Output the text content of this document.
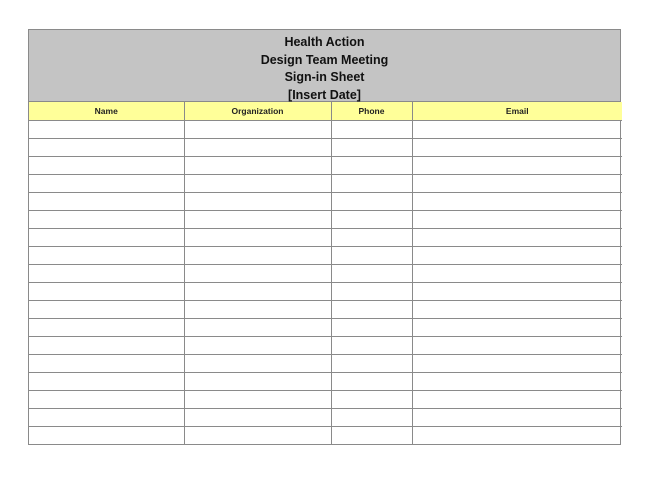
Health Action
Design Team Meeting
Sign-in Sheet
[Insert Date]
Name	Organization	Phone	Email
